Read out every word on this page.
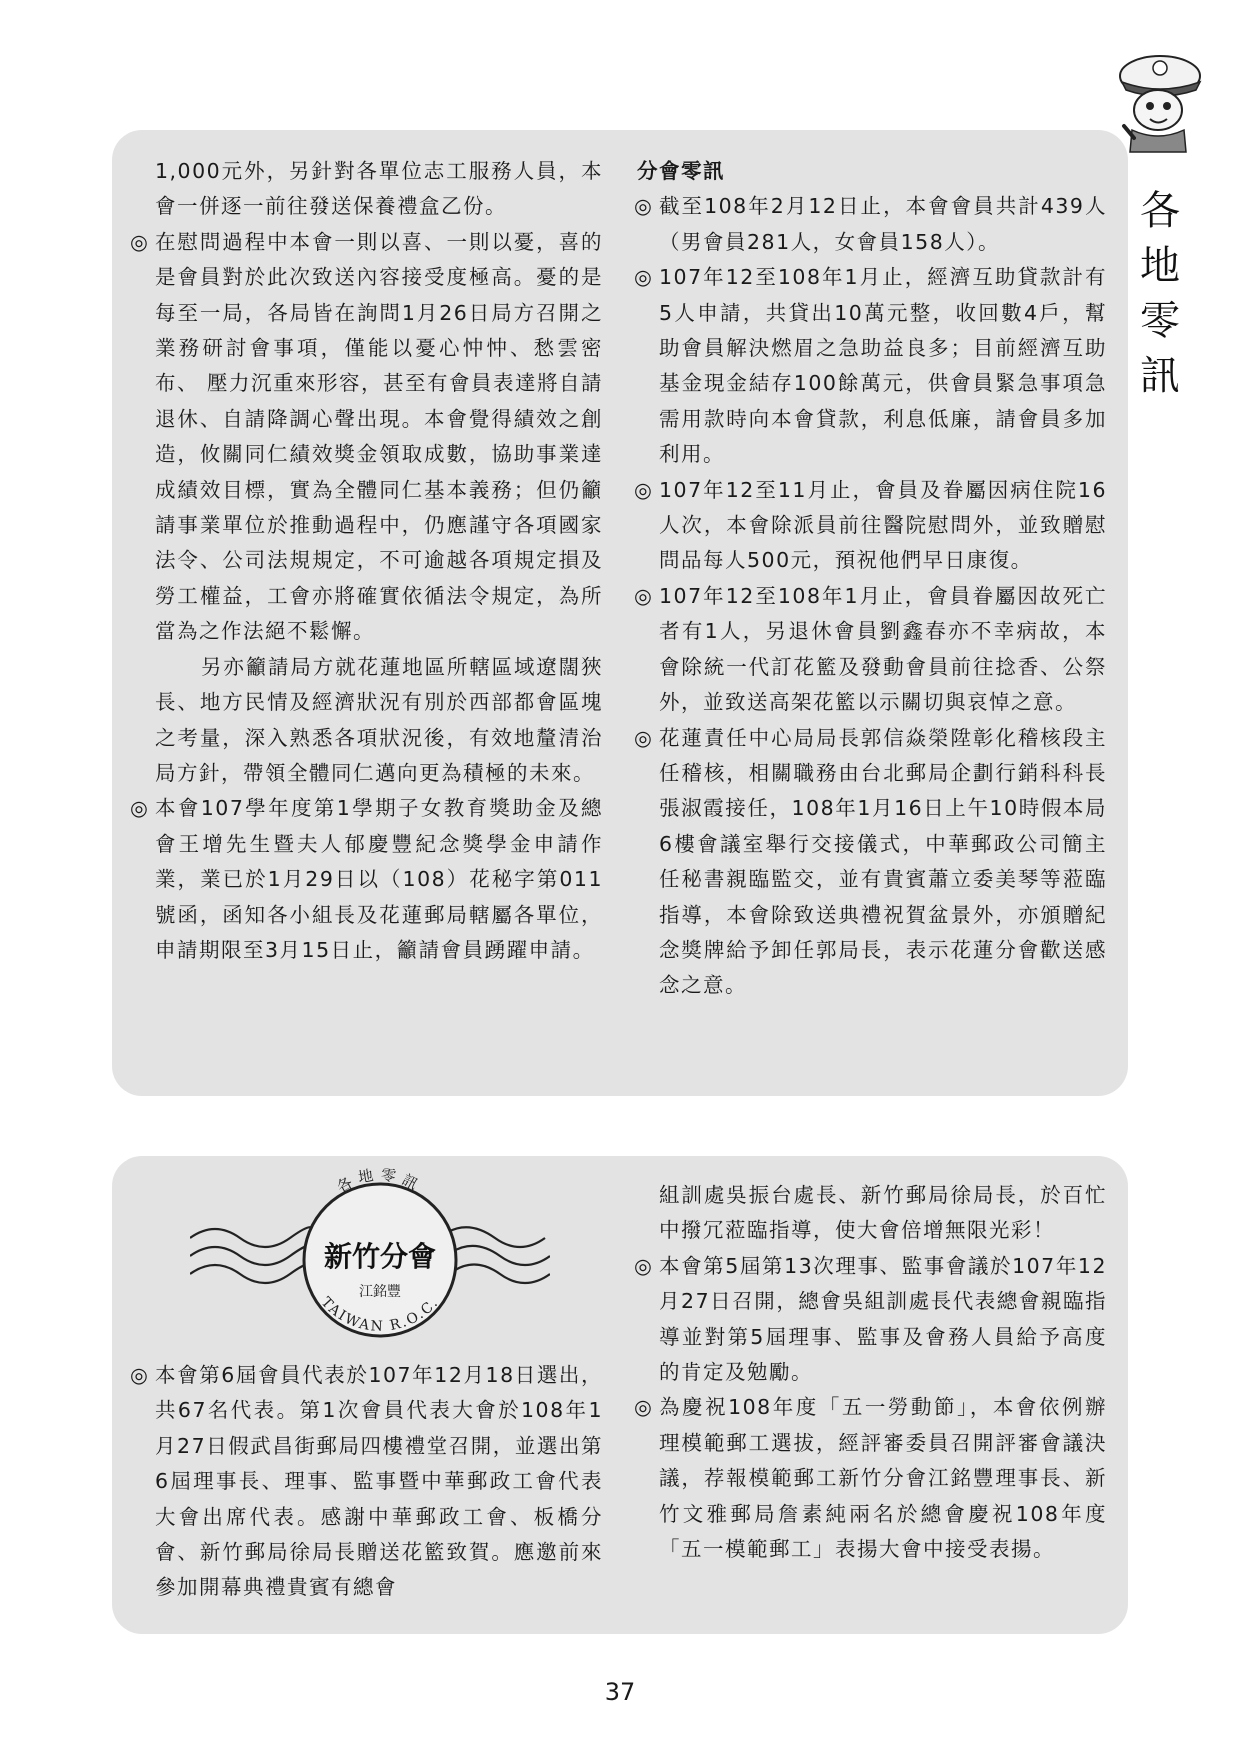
各
地
零
訊

1,000元外，另針對各單位志工服務人員，本會一併逐一前往發送保養禮盒乙份。

◎ 在慰問過程中本會一則以喜、一則以憂，喜的是會員對於此次致送內容接受度極高。憂的是每至一局，各局皆在詢問1月26日局方召開之業務研討會事項，僅能以憂心忡忡、愁雲密布、 壓力沉重來形容，甚至有會員表達將自請退休、自請降調心聲出現。本會覺得績效之創造，攸關同仁績效獎金領取成數，協助事業達成績效目標，實為全體同仁基本義務；但仍籲請事業單位於推動過程中，仍應謹守各項國家法令、公司法規規定，不可逾越各項規定損及勞工權益，工會亦將確實依循法令規定，為所當為之作法絕不鬆懈。

另亦籲請局方就花蓮地區所轄區域遼闊狹長、地方民情及經濟狀況有別於西部都會區塊之考量，深入熟悉各項狀況後，有效地釐清治局方針，帶領全體同仁邁向更為積極的未來。

◎ 本會107學年度第1學期子女教育獎助金及總會王增先生暨夫人郁慶豐紀念獎學金申請作業，業已於1月29日以（108）花秘字第011號函，函知各小組長及花蓮郵局轄屬各單位，申請期限至3月15日止，籲請會員踴躍申請。

分會零訊

◎ 截至108年2月12日止，本會會員共計439人（男會員281人，女會員158人）。

◎ 107年12至108年1月止，經濟互助貸款計有5人申請，共貸出10萬元整，收回數4戶，幫助會員解決燃眉之急助益良多；目前經濟互助基金現金結存100餘萬元，供會員緊急事項急需用款時向本會貸款，利息低廉，請會員多加利用。

◎ 107年12至11月止，會員及眷屬因病住院16人次，本會除派員前往醫院慰問外，並致贈慰問品每人500元，預祝他們早日康復。

◎ 107年12至108年1月止，會員眷屬因故死亡者有1人，另退休會員劉鑫春亦不幸病故，本會除統一代訂花籃及發動會員前往捻香、公祭外，並致送高架花籃以示關切與哀悼之意。

◎ 花蓮責任中心局局長郭信焱榮陞彰化稽核段主任稽核，相關職務由台北郵局企劃行銷科科長張淑霞接任，108年1月16日上午10時假本局6樓會議室舉行交接儀式，中華郵政公司簡主任秘書親臨監交，並有貴賓蕭立委美琴等蒞臨指導，本會除致送典禮祝賀盆景外，亦頒贈紀念獎牌給予卸任郭局長，表示花蓮分會歡送感念之意。

各地零訊
新竹分會
江銘豐
TAIWAN R.O.C.

◎ 本會第6屆會員代表於107年12月18日選出，共67名代表。第1次會員代表大會於108年1月27日假武昌街郵局四樓禮堂召開，並選出第6屆理事長、理事、監事暨中華郵政工會代表大會出席代表。感謝中華郵政工會、板橋分會、新竹郵局徐局長贈送花籃致賀。應邀前來參加開幕典禮貴賓有總會

組訓處吳振台處長、新竹郵局徐局長，於百忙中撥冗蒞臨指導，使大會倍增無限光彩！

◎ 本會第5屆第13次理事、監事會議於107年12月27日召開，總會吳組訓處長代表總會親臨指導並對第5屆理事、監事及會務人員給予高度的肯定及勉勵。

◎ 為慶祝108年度「五一勞動節」，本會依例辦理模範郵工選拔，經評審委員召開評審會議決議，荐報模範郵工新竹分會江銘豐理事長、新竹文雅郵局詹素純兩名於總會慶祝108年度「五一模範郵工」表揚大會中接受表揚。

37
